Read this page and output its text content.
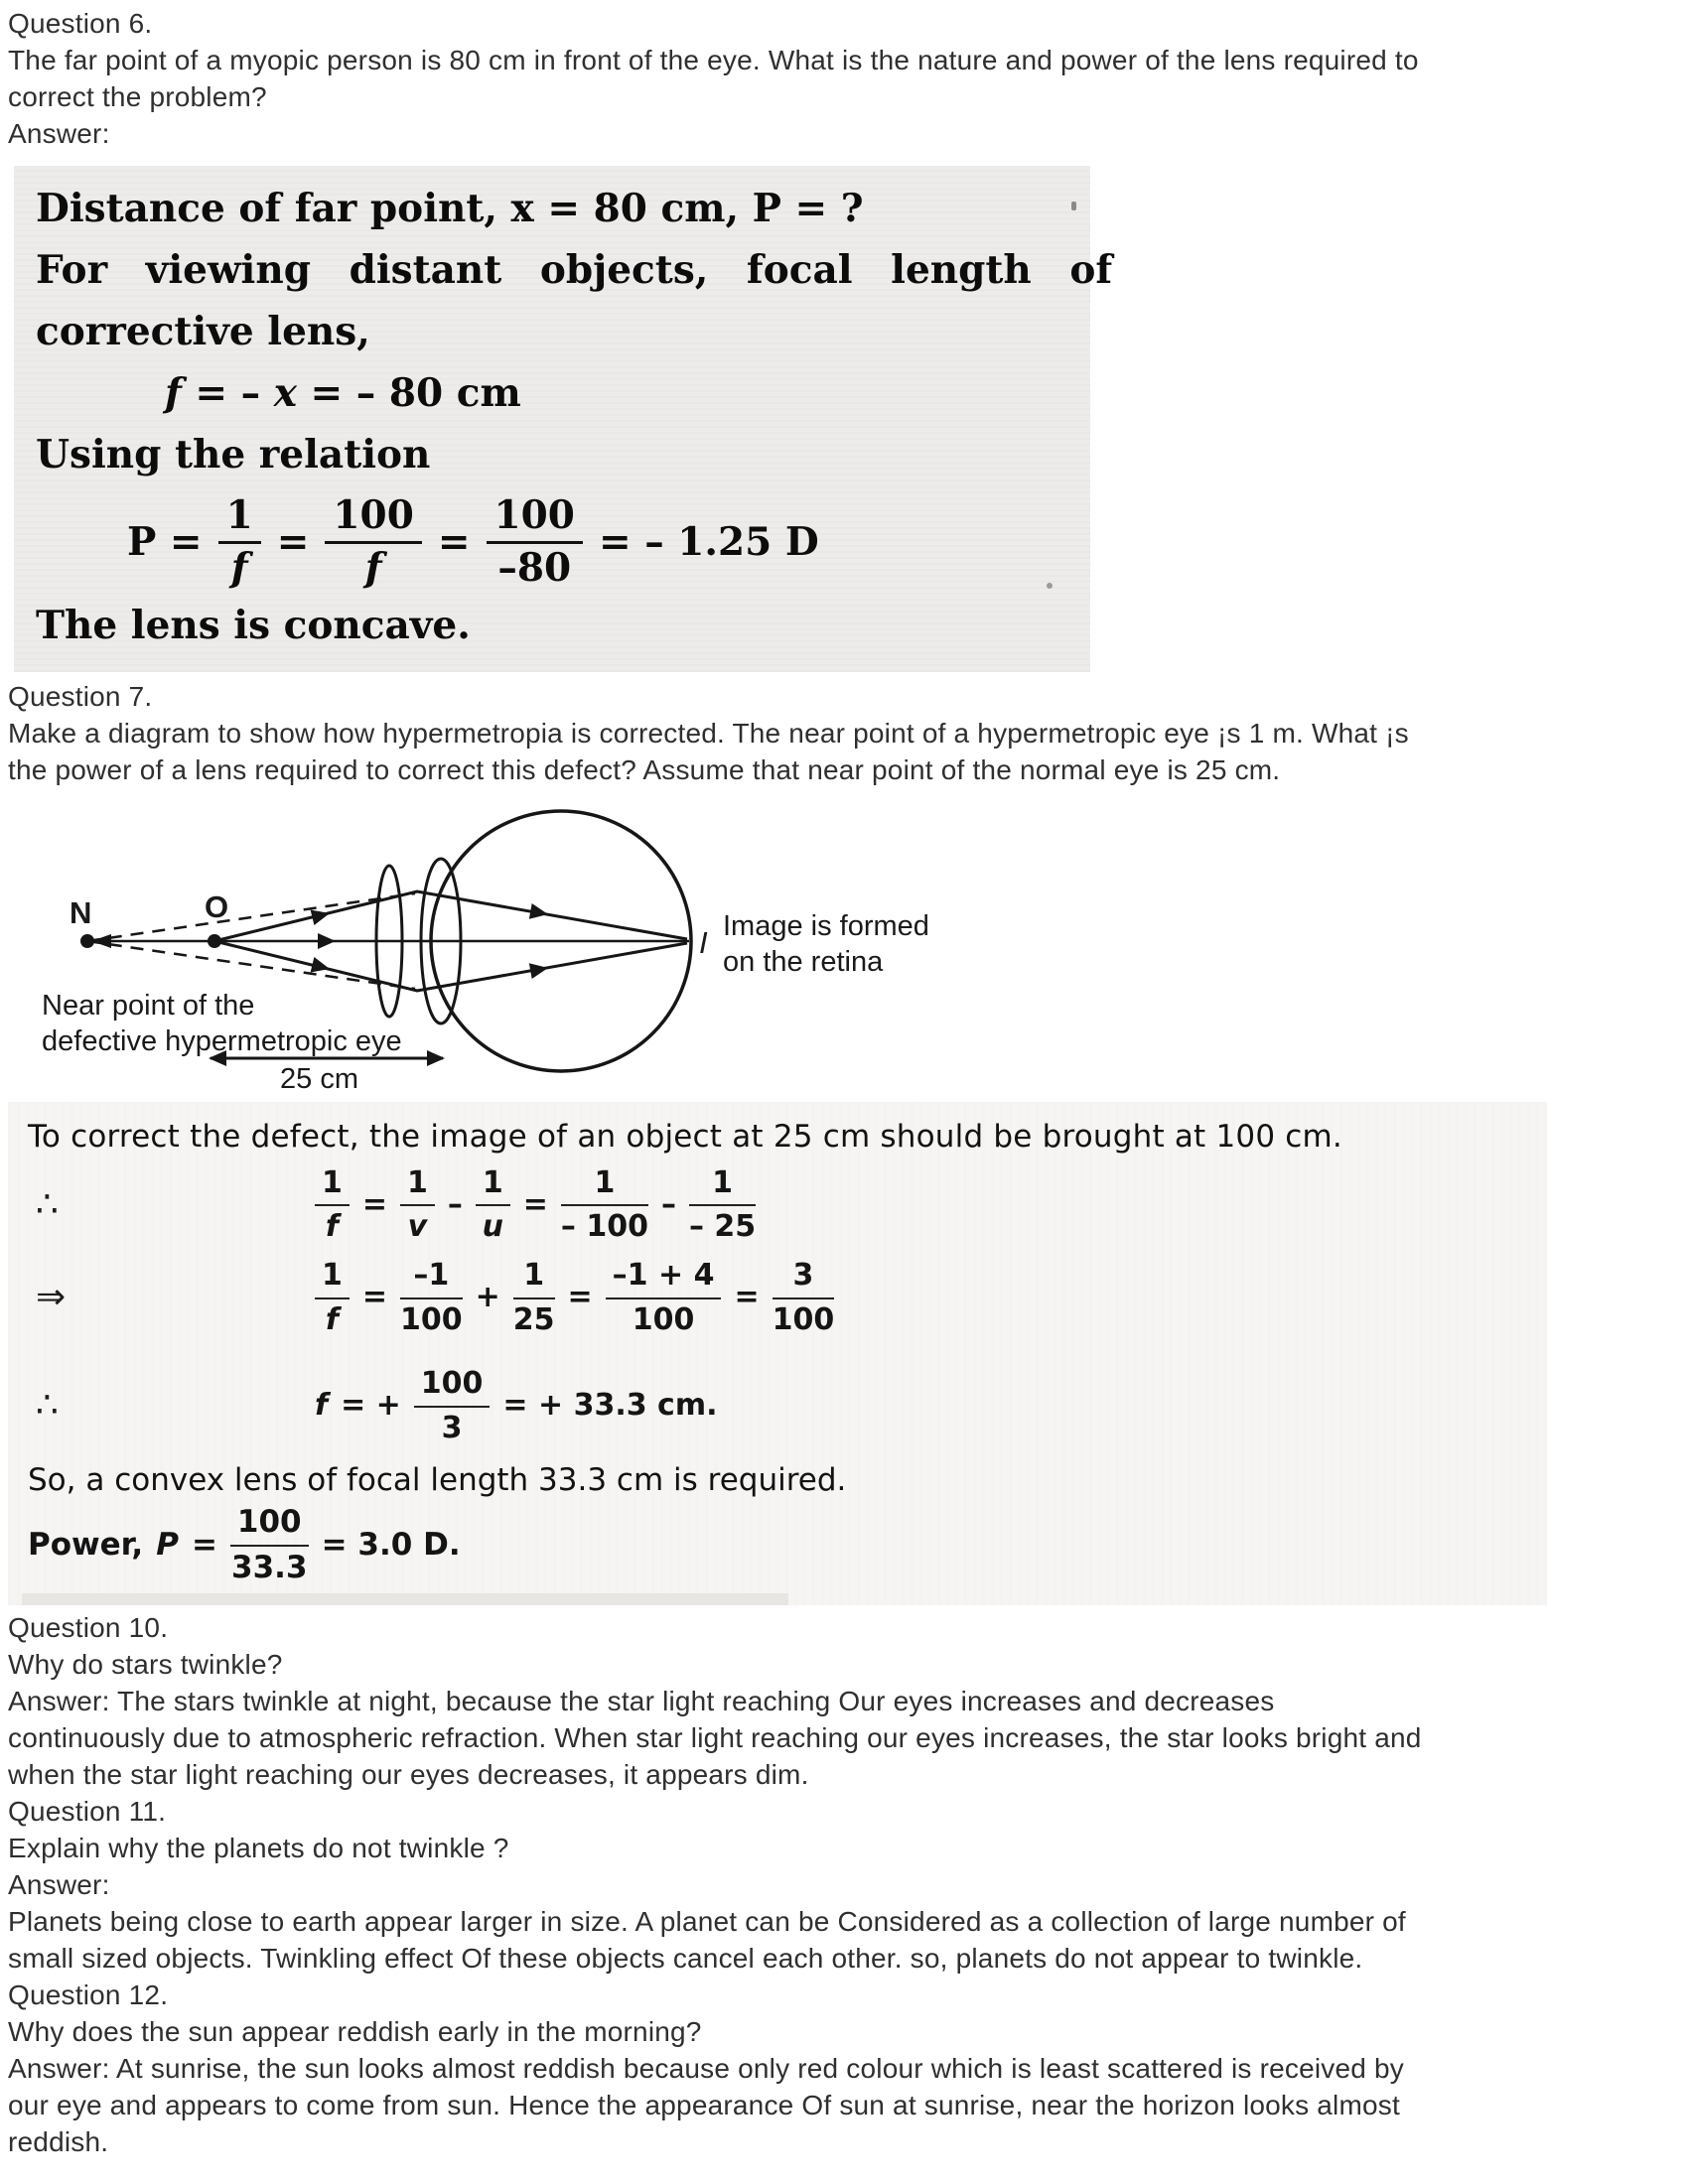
Question 6.
The far point of a myopic person is 80 cm in front of the eye. What is the nature and power of the lens required to
correct the problem?
Answer:
Distance of far point, x = 80 cm, P = ?
For viewing distant objects, focal length of
corrective lens,
f = – x = – 80 cm
Using the relation
$P = \frac{1}{f} = \frac{100}{f} = \frac{100}{-80}$ = – 1.25 D
The lens is concave.
Question 7.
Make a diagram to show how hypermetropia is corrected. The near point of a hypermetropic eye ¡s 1 m. What ¡s
the power of a lens required to correct this defect? Assume that near point of the normal eye is 25 cm.
N	O
I
Near point of the
defective hypermetropic eye
25 cm
Image is formed
on the retina
To correct the defect, the image of an object at 25 cm should be brought at 100 cm.
∴	$\frac{1}{f} = \frac{1}{v} - \frac{1}{u} = \frac{1}{- 100}$ –
1
– 25
⇒	$\frac{1}{f} = \frac{-1}{100} + \frac{1}{25} = \frac{-1 + 4}{100} = \frac{3}{100}$
∴	f = + $\frac{100}{3}$ = + 33.3 cm.
So, a convex lens of focal length 33.3 cm is required.
Power, $P = \frac{100}{33.3} = 3.0$ D.
Question 10.
Why do stars twinkle?
Answer: The stars twinkle at night, because the star light reaching Our eyes increases and decreases
continuously due to atmospheric refraction. When star light reaching our eyes increases, the star looks bright and
when the star light reaching our eyes decreases, it appears dim.
Question 11.
Explain why the planets do not twinkle ?
Answer:
Planets being close to earth appear larger in size. A planet can be Considered as a collection of large number of
small sized objects. Twinkling effect Of these objects cancel each other. so, planets do not appear to twinkle.
Question 12.
Why does the sun appear reddish early in the morning?
Answer: At sunrise, the sun looks almost reddish because only red colour which is least scattered is received by
our eye and appears to come from sun. Hence the appearance Of sun at sunrise, near the horizon looks almost
reddish.
